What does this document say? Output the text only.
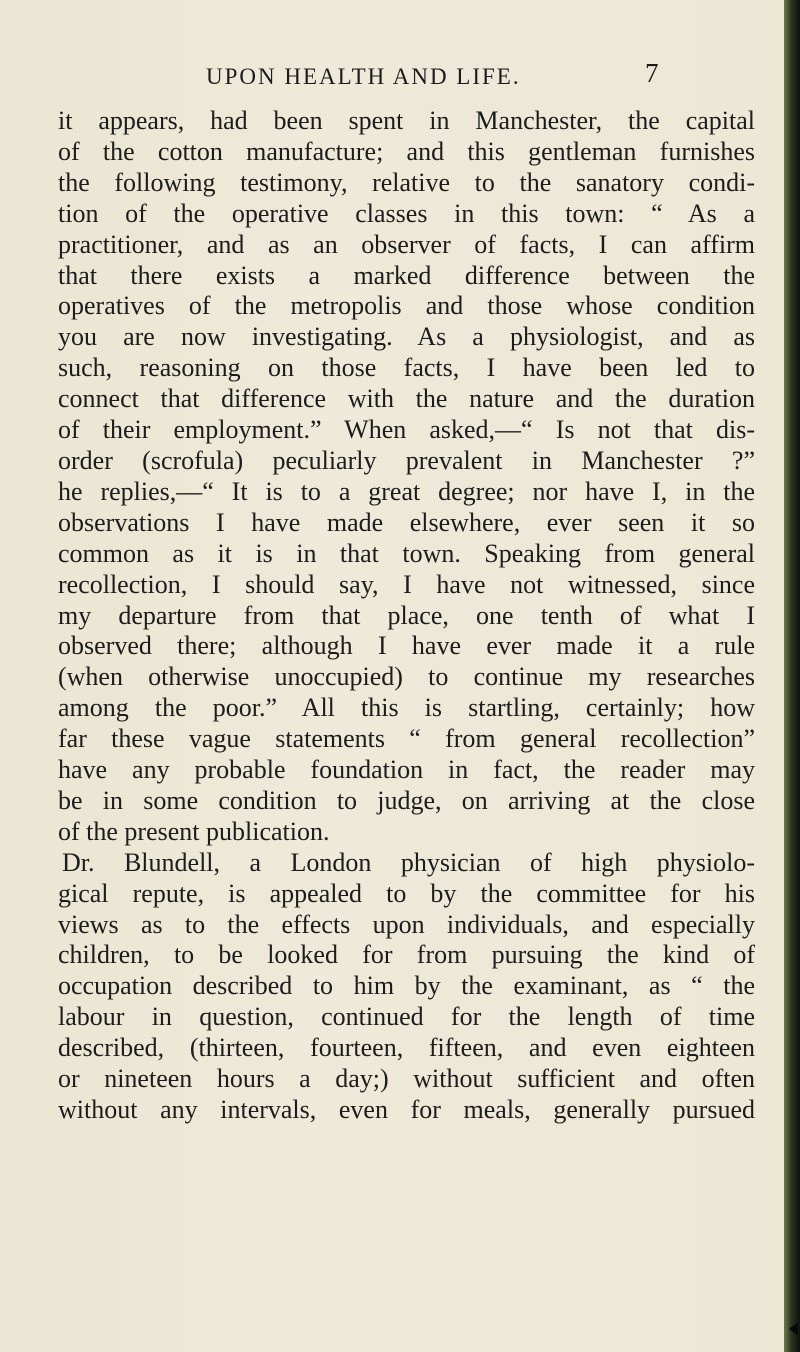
UPON HEALTH AND LIFE.	7
it appears, had been spent in Manchester, the capital
of the cotton manufacture; and this gentleman furnishes
the following testimony, relative to the sanatory condi-
tion of the operative classes in this town: “ As a
practitioner, and as an observer of facts, I can affirm
that there exists a marked difference between the
operatives of the metropolis and those whose condition
you are now investigating. As a physiologist, and as
such, reasoning on those facts, I have been led to
connect that difference with the nature and the duration
of their employment.” When asked,—“ Is not that dis-
order (scrofula) peculiarly prevalent in Manchester ?”
he replies,—“ It is to a great degree; nor have I, in the
observations I have made elsewhere, ever seen it so
common as it is in that town. Speaking from general
recollection, I should say, I have not witnessed, since
my departure from that place, one tenth of what I
observed there; although I have ever made it a rule
(when otherwise unoccupied) to continue my researches
among the poor.” All this is startling, certainly; how
far these vague statements “ from general recollection”
have any probable foundation in fact, the reader may
be in some condition to judge, on arriving at the close
of the present publication.
Dr. Blundell, a London physician of high physiolo-
gical repute, is appealed to by the committee for his
views as to the effects upon individuals, and especially
children, to be looked for from pursuing the kind of
occupation described to him by the examinant, as “ the
labour in question, continued for the length of time
described, (thirteen, fourteen, fifteen, and even eighteen
or nineteen hours a day;) without sufficient and often
without any intervals, even for meals, generally pursued
